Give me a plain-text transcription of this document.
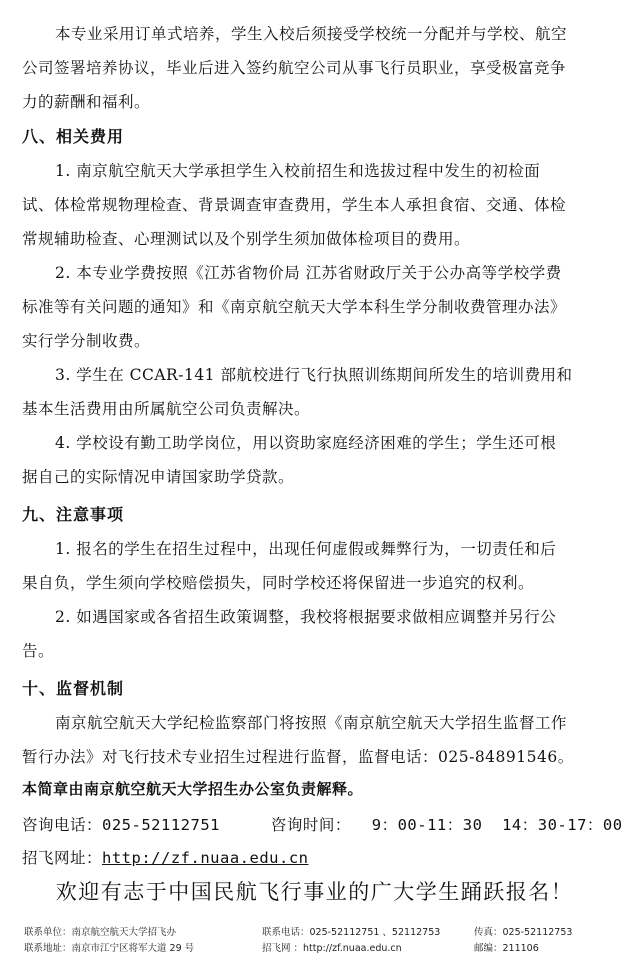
本专业采用订单式培养，学生入校后须接受学校统一分配并与学校、航空
公司签署培养协议，毕业后进入签约航空公司从事飞行员职业，享受极富竞争
力的薪酬和福利。
八、相关费用
1. 南京航空航天大学承担学生入校前招生和选拔过程中发生的初检面
试、体检常规物理检查、背景调查审查费用，学生本人承担食宿、交通、体检
常规辅助检查、心理测试以及个别学生须加做体检项目的费用。
2. 本专业学费按照《江苏省物价局 江苏省财政厅关于公办高等学校学费
标准等有关问题的通知》和《南京航空航天大学本科生学分制收费管理办法》
实行学分制收费。
3. 学生在 CCAR-141 部航校进行飞行执照训练期间所发生的培训费用和
基本生活费用由所属航空公司负责解决。
4. 学校设有勤工助学岗位，用以资助家庭经济困难的学生；学生还可根
据自己的实际情况申请国家助学贷款。
九、注意事项
1. 报名的学生在招生过程中，出现任何虚假或舞弊行为，一切责任和后
果自负，学生须向学校赔偿损失，同时学校还将保留进一步追究的权利。
2. 如遇国家或各省招生政策调整，我校将根据要求做相应调整并另行公
告。
十、监督机制
南京航空航天大学纪检监察部门将按照《南京航空航天大学招生监督工作
暂行办法》对飞行技术专业招生过程进行监督，监督电话：025-84891546。
本简章由南京航空航天大学招生办公室负责解释。
咨询电话：025-52112751	咨询时间： 9：00-11：30  14：30-17：00
招飞网址：http://zf.nuaa.edu.cn
欢迎有志于中国民航飞行事业的广大学生踊跃报名！
联系单位：南京航空航天大学招飞办
联系地址：南京市江宁区将军大道 29 号
联系电话：025-52112751 、52112753
招飞网 ：http://zf.nuaa.edu.cn
传真：025-52112753
邮编：211106
